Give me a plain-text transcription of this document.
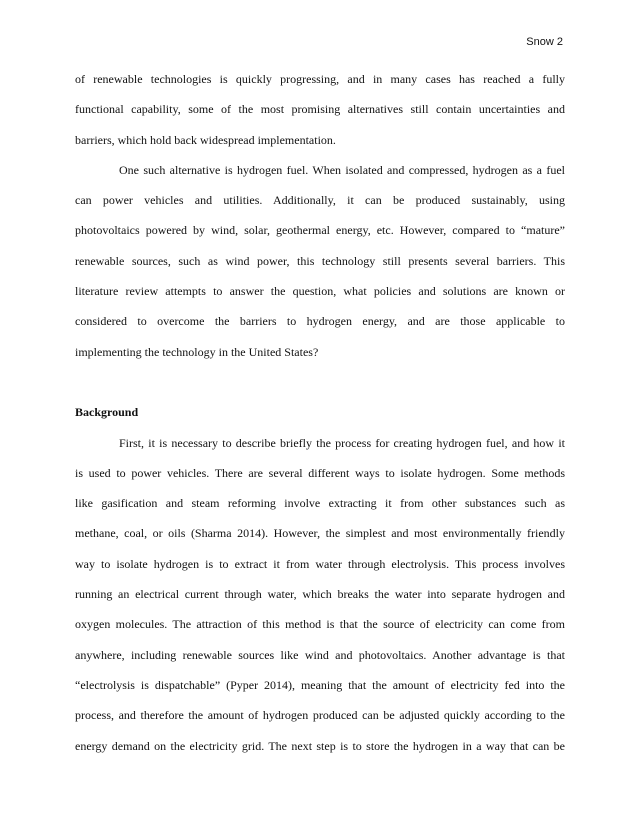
Snow 2
of renewable technologies is quickly progressing, and in many cases has reached a fully
functional capability, some of the most promising alternatives still contain uncertainties and
barriers, which hold back widespread implementation.
One such alternative is hydrogen fuel. When isolated and compressed, hydrogen as a fuel
can power vehicles and utilities. Additionally, it can be produced sustainably, using
photovoltaics powered by wind, solar, geothermal energy, etc. However, compared to “mature”
renewable sources, such as wind power, this technology still presents several barriers. This
literature review attempts to answer the question, what policies and solutions are known or
considered to overcome the barriers to hydrogen energy, and are those applicable to
implementing the technology in the United States?
Background
First, it is necessary to describe briefly the process for creating hydrogen fuel, and how it
is used to power vehicles. There are several different ways to isolate hydrogen. Some methods
like gasification and steam reforming involve extracting it from other substances such as
methane, coal, or oils (Sharma 2014). However, the simplest and most environmentally friendly
way to isolate hydrogen is to extract it from water through electrolysis. This process involves
running an electrical current through water, which breaks the water into separate hydrogen and
oxygen molecules. The attraction of this method is that the source of electricity can come from
anywhere, including renewable sources like wind and photovoltaics. Another advantage is that
“electrolysis is dispatchable” (Pyper 2014), meaning that the amount of electricity fed into the
process, and therefore the amount of hydrogen produced can be adjusted quickly according to the
energy demand on the electricity grid. The next step is to store the hydrogen in a way that can be
